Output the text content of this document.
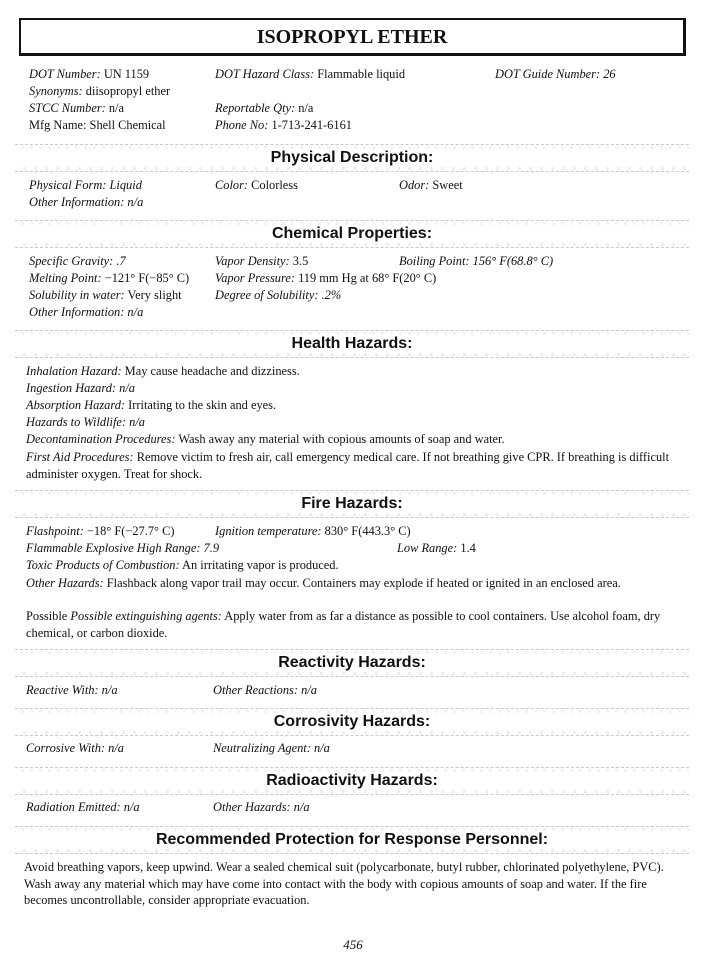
ISOPROPYL ETHER
DOT Number: UN 1159	DOT Hazard Class: Flammable liquid	DOT Guide Number: 26
Synonyms: diisopropyl ether
STCC Number: n/a	Reportable Qty: n/a
Mfg Name: Shell Chemical	Phone No: 1-713-241-6161
Physical Description:
Physical Form: Liquid	Color: Colorless	Odor: Sweet
Other Information: n/a
Chemical Properties:
Specific Gravity: .7	Vapor Density: 3.5	Boiling Point: 156° F(68.8° C)
Melting Point: −121° F(−85° C) Vapor Pressure: 119 mm Hg at 68° F(20° C)
Solubility in water: Very slight	Degree of Solubility: .2%
Other Information: n/a
Health Hazards:
Inhalation Hazard: May cause headache and dizziness.
Ingestion Hazard: n/a
Absorption Hazard: Irritating to the skin and eyes.
Hazards to Wildlife: n/a
Decontamination Procedures: Wash away any material with copious amounts of soap and water.
First Aid Procedures: Remove victim to fresh air, call emergency medical care. If not breathing give CPR. If breathing is difficult administer oxygen. Treat for shock.
Fire Hazards:
Flashpoint: −18° F(−27.7° C)	Ignition temperature: 830° F(443.3° C)
Flammable Explosive High Range: 7.9	Low Range: 1.4
Toxic Products of Combustion: An irritating vapor is produced.
Other Hazards: Flashback along vapor trail may occur. Containers may explode if heated or ignited in an enclosed area.
Possible Possible extinguishing agents: Apply water from as far a distance as possible to cool containers. Use alcohol foam, dry chemical, or carbon dioxide.
Reactivity Hazards:
Reactive With: n/a	Other Reactions: n/a
Corrosivity Hazards:
Corrosive With: n/a	Neutralizing Agent: n/a
Radioactivity Hazards:
Radiation Emitted: n/a	Other Hazards: n/a
Recommended Protection for Response Personnel:
Avoid breathing vapors, keep upwind. Wear a sealed chemical suit (polycarbonate, butyl rubber, chlorinated polyethylene, PVC). Wash away any material which may have come into contact with the body with copious amounts of soap and water. If the fire becomes uncontrollable, consider appropriate evacuation.
456
